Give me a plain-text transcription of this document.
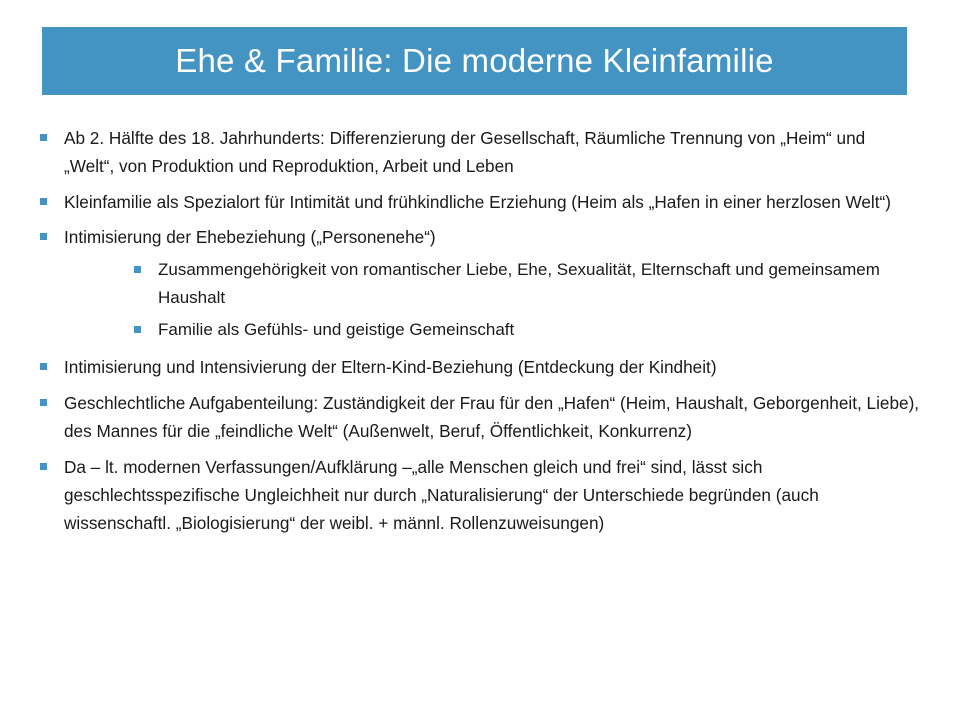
Ehe & Familie: Die moderne Kleinfamilie
Ab 2. Hälfte des 18. Jahrhunderts: Differenzierung der Gesellschaft, Räumliche Trennung von „Heim“ und „Welt“, von Produktion und Reproduktion, Arbeit und Leben
Kleinfamilie als Spezialort für Intimität und frühkindliche Erziehung (Heim als „Hafen in einer herzlosen Welt“)
Intimisierung der Ehebeziehung („Personenehe“)
Zusammengehörigkeit von romantischer Liebe, Ehe, Sexualität, Elternschaft und gemeinsamem Haushalt
Familie als Gefühls- und geistige Gemeinschaft
Intimisierung und Intensivierung der Eltern-Kind-Beziehung (Entdeckung der Kindheit)
Geschlechtliche Aufgabenteilung: Zuständigkeit der Frau für den „Hafen“ (Heim, Haushalt, Geborgenheit, Liebe), des Mannes für die „feindliche Welt“ (Außenwelt, Beruf, Öffentlichkeit, Konkurrenz)
Da – lt. modernen Verfassungen/Aufklärung –„alle Menschen gleich und frei“ sind, lässt sich geschlechtsspezifische Ungleichheit nur durch „Naturalisierung“ der Unterschiede begründen (auch wissenschaftl. „Biologisierung“ der weibl. + männl. Rollenzuweisungen)
